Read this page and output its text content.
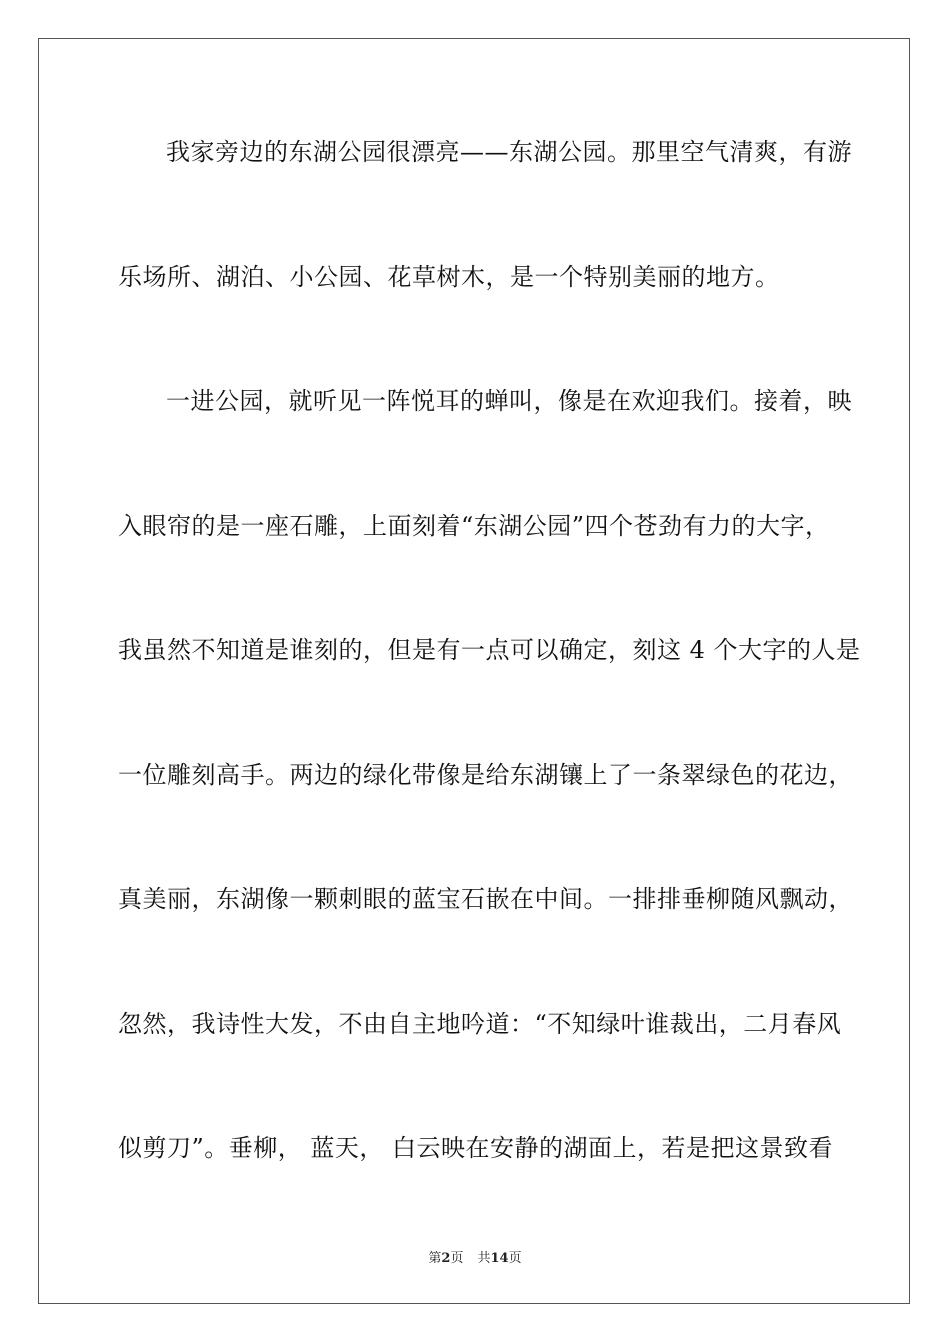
我家旁边的东湖公园很漂亮——东湖公园。那里空气清爽，有游
乐场所、湖泊、小公园、花草树木，是一个特别美丽的地方。
一进公园，就听见一阵悦耳的蝉叫，像是在欢迎我们。接着，映
入眼帘的是一座石雕，上面刻着“东湖公园”四个苍劲有力的大字，
我虽然不知道是谁刻的，但是有一点可以确定，刻这 4 个大字的人是
一位雕刻高手。两边的绿化带像是给东湖镶上了一条翠绿色的花边，
真美丽，东湖像一颗刺眼的蓝宝石嵌在中间。一排排垂柳随风飘动，
忽然，我诗性大发，不由自主地吟道：“不知绿叶谁裁出，二月春风
似剪刀”。垂柳， 蓝天， 白云映在安静的湖面上，若是把这景致看
第2页 共14页
